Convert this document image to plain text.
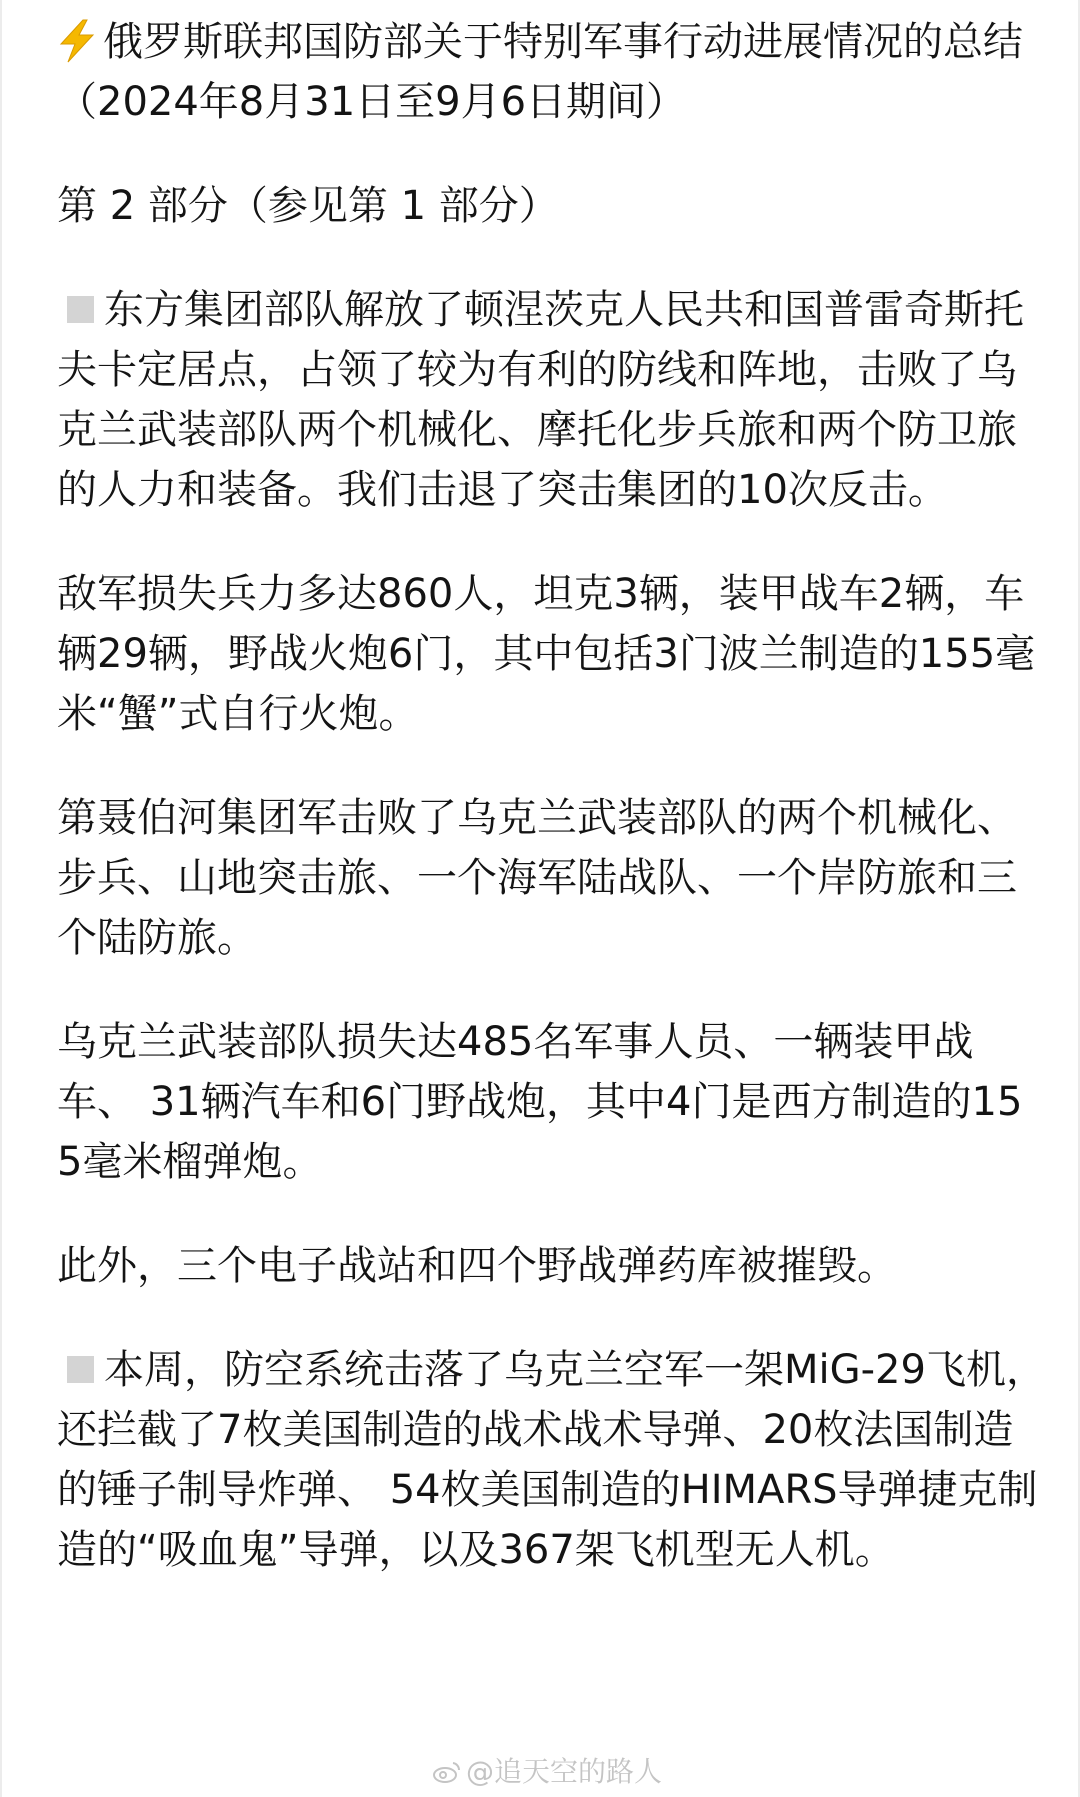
俄罗斯联邦国防部关于特别军事行动进展情况的总结（2024年8月31日至9月6日期间）

第 2 部分（参见第 1 部分）

东方集团部队解放了顿涅茨克人民共和国普雷奇斯托夫卡定居点，占领了较为有利的防线和阵地，击败了乌克兰武装部队两个机械化、摩托化步兵旅和两个防卫旅的人力和装备。我们击退了突击集团的10次反击。

敌军损失兵力多达860人，坦克3辆，装甲战车2辆，车辆29辆，野战火炮6门，其中包括3门波兰制造的155毫米“蟹”式自行火炮。

第聂伯河集团军击败了乌克兰武装部队的两个机械化、步兵、山地突击旅、一个海军陆战队、一个岸防旅和三个陆防旅。

乌克兰武装部队损失达485名军事人员、一辆装甲战车、 31辆汽车和6门野战炮，其中4门是西方制造的155毫米榴弹炮。

此外，三个电子战站和四个野战弹药库被摧毁。

本周，防空系统击落了乌克兰空军一架MiG-29飞机，还拦截了7枚美国制造的战术战术导弹、20枚法国制造的锤子制导炸弹、 54枚美国制造的HIMARS导弹捷克制造的“吸血鬼”导弹，以及367架飞机型无人机。

@追天空的路人
